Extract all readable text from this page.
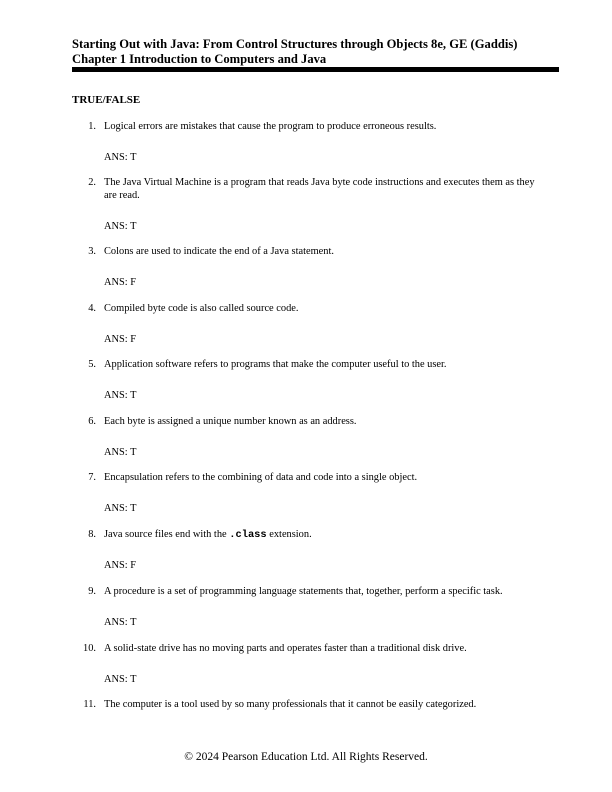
Starting Out with Java: From Control Structures through Objects 8e, GE (Gaddis)

Chapter 1 Introduction to Computers and Java

TRUE/FALSE

1. Logical errors are mistakes that cause the program to produce erroneous results.
ANS: T
2. The Java Virtual Machine is a program that reads Java byte code instructions and executes them as they are read.
ANS: T
3. Colons are used to indicate the end of a Java statement.
ANS: F
4. Compiled byte code is also called source code.
ANS: F
5. Application software refers to programs that make the computer useful to the user.
ANS: T
6. Each byte is assigned a unique number known as an address.
ANS: T
7. Encapsulation refers to the combining of data and code into a single object.
ANS: T
8. Java source files end with the .class extension.
ANS: F
9. A procedure is a set of programming language statements that, together, perform a specific task.
ANS: T
10. A solid-state drive has no moving parts and operates faster than a traditional disk drive.
ANS: T
11. The computer is a tool used by so many professionals that it cannot be easily categorized.
© 2024 Pearson Education Ltd. All Rights Reserved.
